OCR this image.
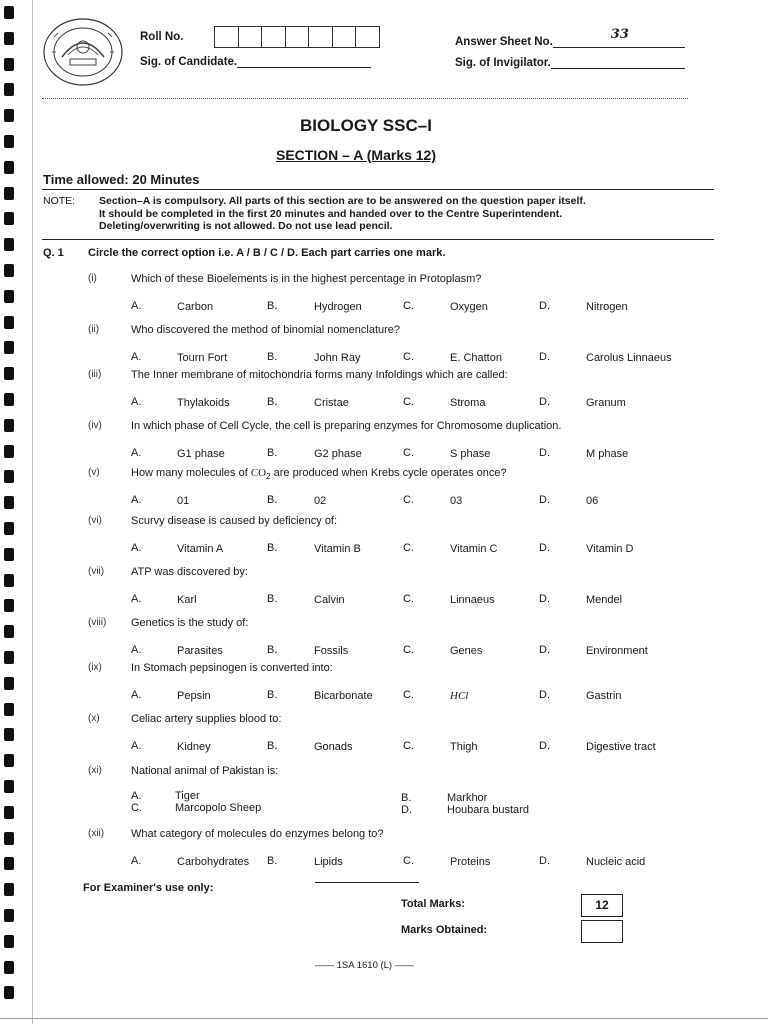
Roll No.
Sig. of Candidate.
Answer Sheet No.	33
Sig. of Invigilator.
BIOLOGY SSC–I
SECTION – A (Marks 12)
Time allowed: 20 Minutes
NOTE: Section–A is compulsory. All parts of this section are to be answered on the question paper itself.
It should be completed in the first 20 minutes and handed over to the Centre Superintendent.
Deleting/overwriting is not allowed. Do not use lead pencil.
Q. 1 Circle the correct option i.e. A / B / C / D. Each part carries one mark.
(i)	Which of these Bioelements is in the highest percentage in Protoplasm?
A.	Carbon	B.	Hydrogen	C.	Oxygen	D.	Nitrogen
(ii)	Who discovered the method of binomial nomenclature?
A.	Tourn Fort	B.	John Ray	C.	E. Chatton	D.	Carolus Linnaeus
(iii)	The Inner membrane of mitochondria forms many Infoldings which are called:
A.	Thylakoids	B.	Cristae	C.	Stroma	D.	Granum
(iv)	In which phase of Cell Cycle, the cell is preparing enzymes for Chromosome duplication.
A.	G1 phase	B.	G2 phase	C.	S phase	D.	M phase
(v)	How many molecules of $CO_2$ are produced when Krebs cycle operates once?
A.	01	B.	02	C.	03	D.	06
(vi)	Scurvy disease is caused by deficiency of:
A.	Vitamin A	B.	Vitamin B	C.	Vitamin C	D.	Vitamin D
(vii) ATP was discovered by:
A.	Karl	B.	Calvin	C.	Linnaeus	D.	Mendel
(viii) Genetics is the study of:
A.	Parasites	B.	Fossils	C.	Genes	D.	Environment
(ix)	In Stomach pepsinogen is converted into:
A.	Pepsin	B.	Bicarbonate	C.	HCl	D.	Gastrin
(x)	Celiac artery supplies blood to:
A.	Kidney	B.	Gonads	C.	Thigh	D.	Digestive tract
(xi)	National animal of Pakistan is:
A.	Tiger	B.	Markhor
C.	Marcopolo Sheep	D.	Houbara bustard
(xii) What category of molecules do enzymes belong to?
A.	Carbohydrates B.	Lipids	C.	Proteins	D.	Nucleic acid
For Examiner's use only:
Total Marks:	12
Marks Obtained:
—— 1SA 1610 (L) ——
